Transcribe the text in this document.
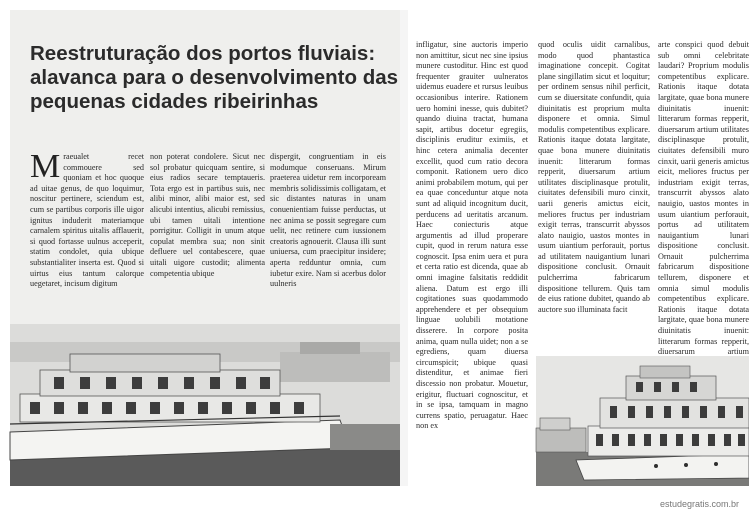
Reestruturação dos portos fluviais: alavanca para o desenvolvimento das pequenas cidades ribeirinhas
Mraeualet recet commouere sed quoniam et hoc quoque ad uitae genus, de quo loquimur, noscitur pertinere, sciendum est, cum se partibus corporis ille uigor ignitus induderit materiamque carnalem spiritus uitalis afflauerit, si quod fortasse uulnus acceperit, statim condolet, quia ubique substantialiter inserta est. Quod si uirtus eius tantum calorque uegetaret, incisum digitum
non poterat condolere. Sicut nec sol probatur quicquam sentire, si eius radios secare temptaueris. Tota ergo est in partibus suis, nec alibi minor, alibi maior est, sed alicubi intentius, alicubi remissius, ubi tamen uitali intentione porrigitur. Colligit in unum atque copulat membra sua; non sinit defluere uel contabescere, quae uitali uigore custodit; alimenta competentia ubique
dispergit, congruentiam in eis modumque conseruans. Mirum praeterea uidetur rem incorpoream membris solidissimis colligatam, et sic distantes naturas in unam conuenientiam fuisse perductas, ut nec anima se possit segregare cum uelit, nec retinere cum iussionem creatoris agnouerit. Clausa illi sunt uniuersa, cum praecipitur insidere; aperta redduntur omnia, cum iubetur exire. Nam si acerbus dolor uulneris
infligatur, sine auctoris imperio non amittitur, sicut nec sine ipsius munere custoditur. Hinc est quod frequenter grauiter uulneratos uidemus euadere et rursus leuibus occasionibus interire. Rationem uero homini inesse, quis dubitet? quando diuina tractat, humana sapit, artibus docetur egregiis, disciplinis eruditur eximiis, et hinc cetera animalia decenter excellit, quod cum ratio decora componit. Rationem uero dico animi probabilem motum, qui per ea quae conceduntur atque nota sunt ad aliquid incognitum ducit, perducens ad ueritatis arcanum. Haec coniecturis atque argumentis ad illud properare cupit, quod in rerum natura esse cognoscit. Ipsa enim uera et pura et certa ratio est dicenda, quae ab omni imagine falsitatis reddidit aliena. Datum est ergo illi cogitationes suas quodammodo apprehendere et per obsequium linguae uolubili motatione disserere. In corpore posita anima, quam nulla uidet; non a se egrediens, quam diuersa circumspicit; ubique quasi distenditur, et animae fieri discessio non probatur. Mouetur, erigitur, fluctuari cognoscitur, et in se ipsa, tamquam in magno currens spatio, peruagatur. Haec non ex
quod oculis uidit carnalibus, modo quod phantastica imaginatione concepit. Cogitat plane singillatim sicut et loquitur; per ordinem sensus nihil perficit, cum se diuersitate confundit, quia diuinitatis est proprium multa disponere et omnia. Simul modulis competentibus explicare. Rationis itaque dotata largitate, quae bona munere diuinitatis inuenit: litterarum formas repperit, diuersarum artium utilitates disciplinasque protulit, ciuitates defensibili muro cinxit, uarii generis amictus eicit, meliores fructus per industriam exigit terras, transcurrit abyssos alato nauigio, uastos montes in usum uiantium perforauit, portus ad utilitatem nauigantium lunari dispositione conclusit. Ornauit pulcherrima fabricarum dispositione tellurem. Quis tam de eius ratione dubitet, quando ab auctore suo illuminata facit
arte conspici quod debuit sub omni celebritate laudari? Proprium modulis competentibus explicare. Rationis itaque dotata largitate, quae bona munere diuinitatis inuenit: litterarum formas repperit, diuersarum artium utilitates disciplinasque protulit, ciuitates defensibili muro cinxit, uarii generis amictus eicit, meliores fructus per industriam exigit terras, transcurrit abyssos alato nauigio, uastos montes in usum uiantium perforauit, portus ad utilitatem nauigantium lunari dispositione conclusit. Ornauit pulcherrima fabricarum dispositione tellurem, disponere et omnia simul modulis competentibus explicare. Rationis itaque dotata largitate, quae bona munere diuinitatis inuenit: litterarum formas repperit, diuersarum artium
estudegratis.com.br
